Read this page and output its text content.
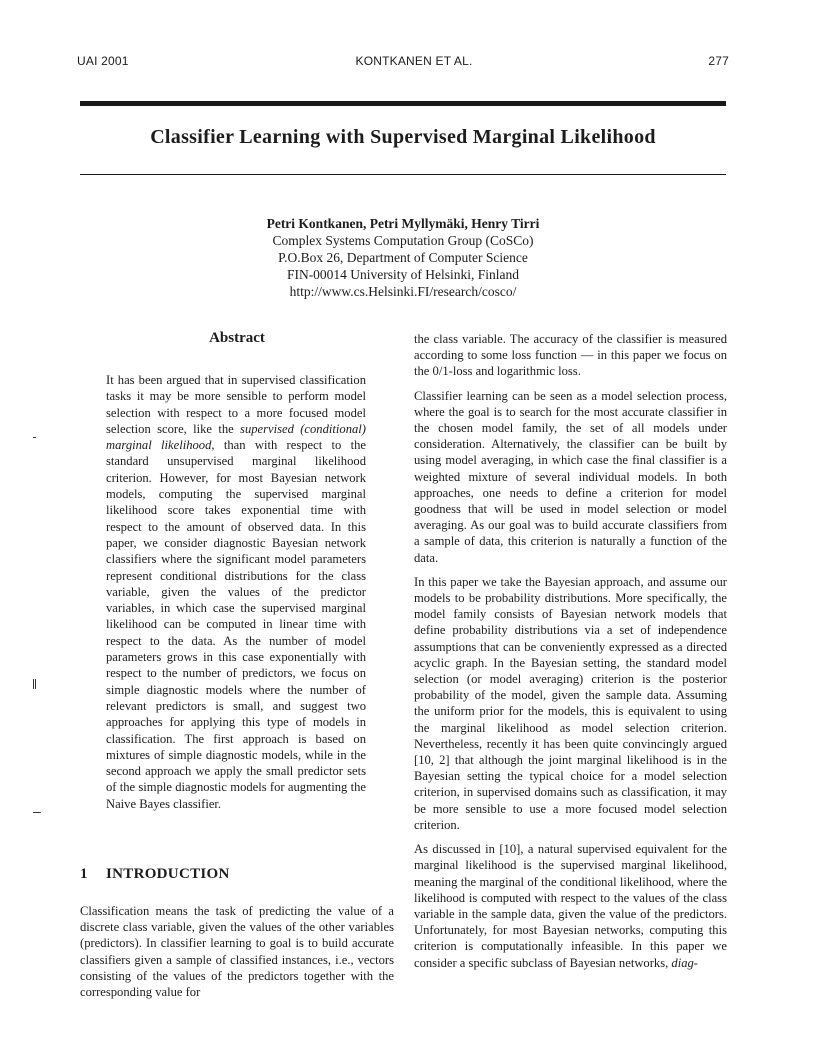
UAI 2001	KONTKANEN ET AL.	277
Classifier Learning with Supervised Marginal Likelihood
Petri Kontkanen, Petri Myllymäki, Henry Tirri
Complex Systems Computation Group (CoSCo)
P.O.Box 26, Department of Computer Science
FIN-00014 University of Helsinki, Finland
http://www.cs.Helsinki.FI/research/cosco/
Abstract
It has been argued that in supervised classification tasks it may be more sensible to perform model selection with respect to a more focused model selection score, like the supervised (conditional) marginal likelihood, than with respect to the standard unsupervised marginal likelihood criterion. However, for most Bayesian network models, computing the supervised marginal likelihood score takes exponential time with respect to the amount of observed data. In this paper, we consider diagnostic Bayesian network classifiers where the significant model parameters represent conditional distributions for the class variable, given the values of the predictor variables, in which case the supervised marginal likelihood can be computed in linear time with respect to the data. As the number of model parameters grows in this case exponentially with respect to the number of predictors, we focus on simple diagnostic models where the number of relevant predictors is small, and suggest two approaches for applying this type of models in classification. The first approach is based on mixtures of simple diagnostic models, while in the second approach we apply the small predictor sets of the simple diagnostic models for augmenting the Naive Bayes classifier.
1 INTRODUCTION

Classification means the task of predicting the value of a discrete class variable, given the values of the other variables (predictors). In classifier learning to goal is to build accurate classifiers given a sample of classified instances, i.e., vectors consisting of the values of the predictors together with the corresponding value for

the class variable. The accuracy of the classifier is measured according to some loss function — in this paper we focus on the 0/1-loss and logarithmic loss.

Classifier learning can be seen as a model selection process, where the goal is to search for the most accurate classifier in the chosen model family, the set of all models under consideration. Alternatively, the classifier can be built by using model averaging, in which case the final classifier is a weighted mixture of several individual models. In both approaches, one needs to define a criterion for model goodness that will be used in model selection or model averaging. As our goal was to build accurate classifiers from a sample of data, this criterion is naturally a function of the data.

In this paper we take the Bayesian approach, and assume our models to be probability distributions. More specifically, the model family consists of Bayesian network models that define probability distributions via a set of independence assumptions that can be conveniently expressed as a directed acyclic graph. In the Bayesian setting, the standard model selection (or model averaging) criterion is the posterior probability of the model, given the sample data. Assuming the uniform prior for the models, this is equivalent to using the marginal likelihood as model selection criterion. Nevertheless, recently it has been quite convincingly argued [10, 2] that although the joint marginal likelihood is in the Bayesian setting the typical choice for a model selection criterion, in supervised domains such as classification, it may be more sensible to use a more focused model selection criterion.

As discussed in [10], a natural supervised equivalent for the marginal likelihood is the supervised marginal likelihood, meaning the marginal of the conditional likelihood, where the likelihood is computed with respect to the values of the class variable in the sample data, given the value of the predictors. Unfortunately, for most Bayesian networks, computing this criterion is computationally infeasible. In this paper we consider a specific subclass of Bayesian networks, diag-
